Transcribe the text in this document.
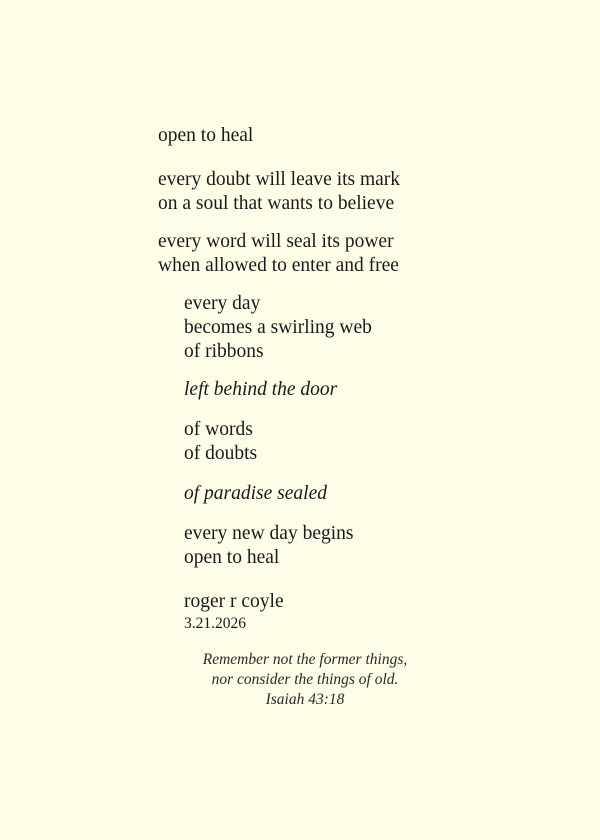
open to heal
every doubt will leave its mark
on a soul that wants to believe
every word will seal its power
when allowed to enter and free
every day
becomes a swirling web
of ribbons
left behind the door
of words
of doubts
of paradise sealed
every new day begins
open to heal
roger r coyle
3.21.2026
Remember not the former things,
nor consider the things of old.
Isaiah 43:18
